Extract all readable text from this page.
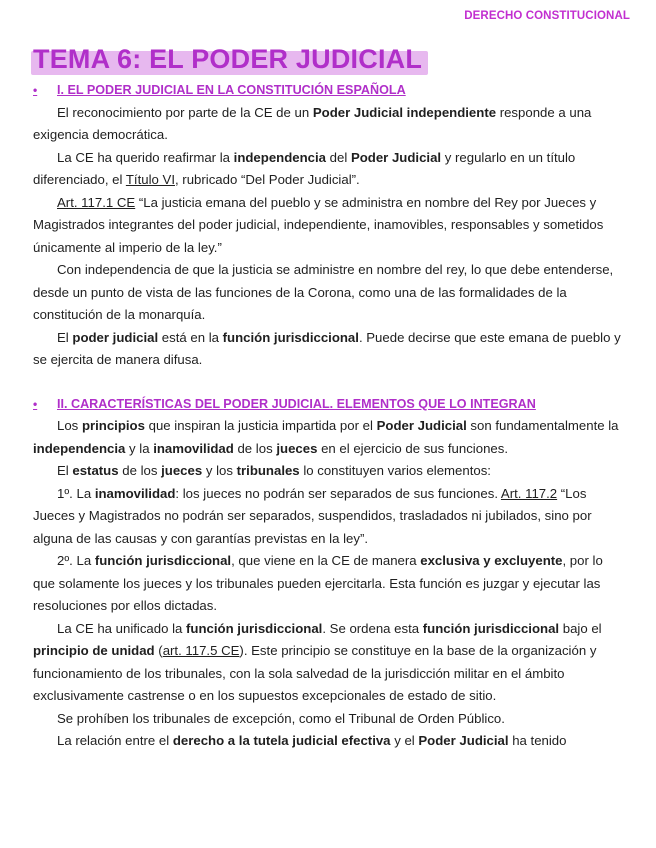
DERECHO CONSTITUCIONAL
TEMA 6: EL PODER JUDICIAL
•	I. EL PODER JUDICIAL EN LA CONSTITUCIÓN ESPAÑOLA

El reconocimiento por parte de la CE de un Poder Judicial independiente responde a una exigencia democrática.

La CE ha querido reafirmar la independencia del Poder Judicial y regularlo en un título diferenciado, el Título VI, rubricado “Del Poder Judicial”.

Art. 117.1 CE “La justicia emana del pueblo y se administra en nombre del Rey por Jueces y Magistrados integrantes del poder judicial, independiente, inamovibles, responsables y sometidos únicamente al imperio de la ley.”

Con independencia de que la justicia se administre en nombre del rey, lo que debe entenderse, desde un punto de vista de las funciones de la Corona, como una de las formalidades de la constitución de la monarquía.

El poder judicial está en la función jurisdiccional. Puede decirse que este emana de pueblo y se ejercita de manera difusa.

•	II. CARACTERÍSTICAS DEL PODER JUDICIAL. ELEMENTOS QUE LO INTEGRAN

Los principios que inspiran la justicia impartida por el Poder Judicial son fundamentalmente la independencia y la inamovilidad de los jueces en el ejercicio de sus funciones.

El estatus de los jueces y los tribunales lo constituyen varios elementos:

1º. La inamovilidad: los jueces no podrán ser separados de sus funciones. Art. 117.2 “Los Jueces y Magistrados no podrán ser separados, suspendidos, trasladados ni jubilados, sino por alguna de las causas y con garantías previstas en la ley”.

2º. La función jurisdiccional, que viene en la CE de manera exclusiva y excluyente, por lo que solamente los jueces y los tribunales pueden ejercitarla. Esta función es juzgar y ejecutar las resoluciones por ellos dictadas.

La CE ha unificado la función jurisdiccional. Se ordena esta función jurisdiccional bajo el principio de unidad (art. 117.5 CE). Este principio se constituye en la base de la organización y funcionamiento de los tribunales, con la sola salvedad de la jurisdicción militar en el ámbito exclusivamente castrense o en los supuestos excepcionales de estado de sitio.

Se prohíben los tribunales de excepción, como el Tribunal de Orden Público.

La relación entre el derecho a la tutela judicial efectiva y el Poder Judicial ha tenido
